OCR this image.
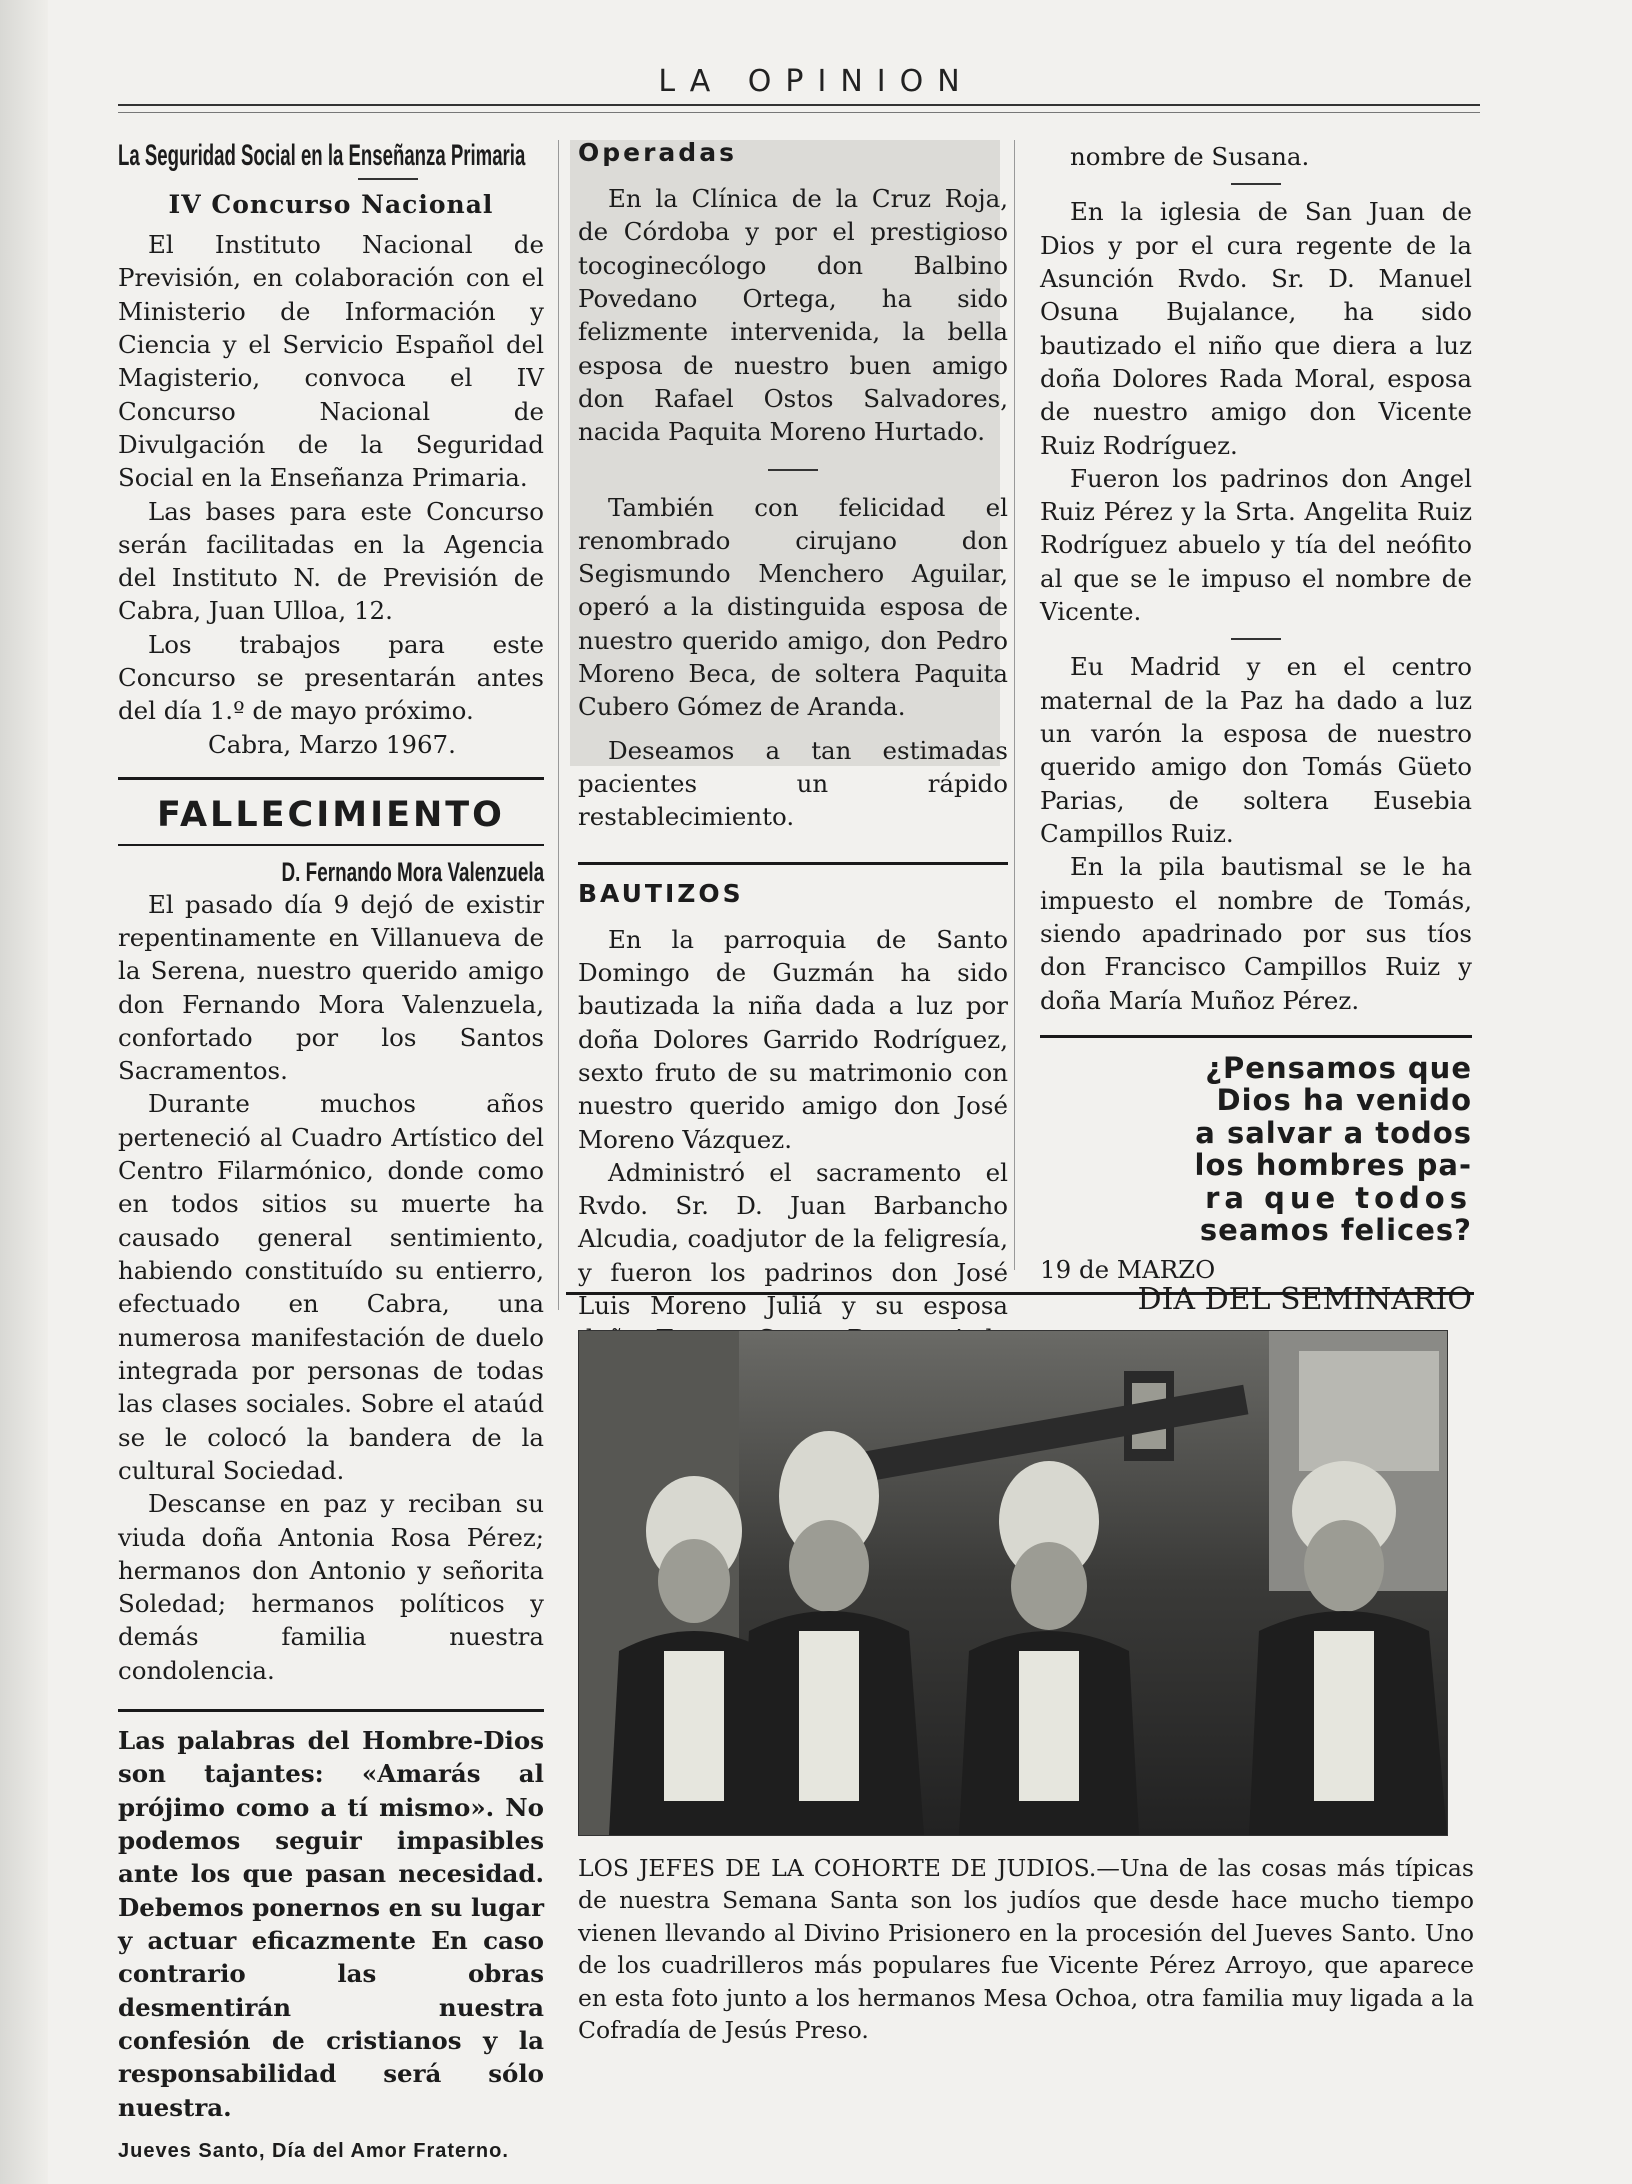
LA OPINION
La Seguridad Social en la Enseñanza Primaria
IV Concurso Nacional

El Instituto Nacional de Previsión, en colaboración con el Ministerio de Información y Ciencia y el Servicio Español del Magisterio, convoca el IV Concurso Nacional de Divulgación de la Seguridad Social en la Enseñanza Primaria.

Las bases para este Concurso serán facilitadas en la Agencia del Instituto N. de Previsión de Cabra, Juan Ulloa, 12.

Los trabajos para este Concurso se presentarán antes del día 1.º de mayo próximo.

Cabra, Marzo 1967.

FALLECIMIENTO
D. Fernando Mora Valenzuela

El pasado día 9 dejó de existir repentinamente en Villanueva de la Serena, nuestro querido amigo don Fernando Mora Valenzuela, confortado por los Santos Sacramentos.

Durante muchos años perteneció al Cuadro Artístico del Centro Filarmónico, donde como en todos sitios su muerte ha causado general sentimiento, habiendo constituído su entierro, efectuado en Cabra, una numerosa manifestación de duelo integrada por personas de todas las clases sociales. Sobre el ataúd se le colocó la bandera de la cultural Sociedad.

Descanse en paz y reciban su viuda doña Antonia Rosa Pérez; hermanos don Antonio y señorita Soledad; hermanos políticos y demás familia nuestra condolencia.

Las palabras del Hombre-Dios son tajantes: «Amarás al prójimo como a tí mismo». No podemos seguir impasibles ante los que pasan necesidad. Debemos ponernos en su lugar y actuar eficazmente En caso contrario las obras desmentirán nuestra confesión de cristianos y la responsabilidad será sólo nuestra.

Jueves Santo, Día del Amor Fraterno.
Operadas

En la Clínica de la Cruz Roja, de Córdoba y por el prestigioso tocoginecólogo don Balbino Povedano Ortega, ha sido felizmente intervenida, la bella esposa de nuestro buen amigo don Rafael Ostos Salvadores, nacida Paquita Moreno Hurtado.

También con felicidad el renombrado cirujano don Segismundo Menchero Aguilar, operó a la distinguida esposa de nuestro querido amigo, don Pedro Moreno Beca, de soltera Paquita Cubero Gómez de Aranda.

Deseamos a tan estimadas pacientes un rápido restablecimiento.

BAUTIZOS

En la parroquia de Santo Domingo de Guzmán ha sido bautizada la niña dada a luz por doña Dolores Garrido Rodríguez, sexto fruto de su matrimonio con nuestro querido amigo don José Moreno Vázquez.

Administró el sacramento el Rvdo. Sr. D. Juan Barbancho Alcudia, coadjutor de la feligresía, y fueron los padrinos don José Luis Moreno Juliá y su esposa

nombre de Susana.

En la iglesia de San Juan de Dios y por el cura regente de la Asunción Rvdo. Sr. D. Manuel Osuna Bujalance, ha sido bautizado el niño que diera a luz doña Dolores Rada Moral, esposa de nuestro amigo don Vicente Ruiz Rodríguez.

Fueron los padrinos don Angel Ruiz Pérez y la Srta. Angelita Ruiz Rodríguez abuelo y tía del neófito al que se le impuso el nombre de Vicente.

Eu Madrid y en el centro maternal de la Paz ha dado a luz un varón la esposa de nuestro querido amigo don Tomás Güeto Parias, de soltera Eusebia Campillos Ruiz.

En la pila bautismal se le ha impuesto el nombre de Tomás, siendo apadrinado por sus tíos don Francisco Campillos Ruiz y doña María Muñoz Pérez.

¿Pensamos que
Dios ha venido
a salvar a todos
los hombres pa-
ra que todos
seamos felices?
19 de MARZO
DIA DEL SEMINARIO

LOS JEFES DE LA COHORTE DE JUDIOS.—Una de las cosas más típicas de nuestra Semana Santa son los judíos que desde hace mucho tiempo vienen llevando al Divino Prisionero en la procesión del Jueves Santo. Uno de los cuadrilleros más populares fue Vicente Pérez Arroyo, que aparece en esta foto junto a los hermanos Mesa Ochoa, otra familia muy ligada a la Cofradía de Jesús Preso.
